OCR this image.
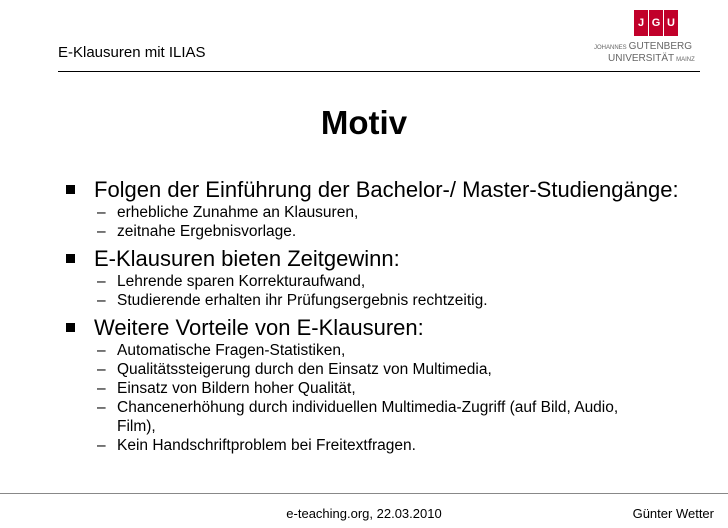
E-Klausuren mit ILIAS
J G U
JOHANNES GUTENBERG
UNIVERSITÄT MAINZ
Motiv
Folgen der Einführung der Bachelor-/ Master-Studiengänge:
– erhebliche Zunahme an Klausuren,
– zeitnahe Ergebnisvorlage.
E-Klausuren bieten Zeitgewinn:
– Lehrende sparen Korrekturaufwand,
– Studierende erhalten ihr Prüfungsergebnis rechtzeitig.
Weitere Vorteile von E-Klausuren:
– Automatische Fragen-Statistiken,
– Qualitätssteigerung durch den Einsatz von Multimedia,
– Einsatz von Bildern hoher Qualität,
– Chancenerhöhung durch individuellen Multimedia-Zugriff (auf Bild, Audio, Film),
– Kein Handschriftproblem bei Freitextfragen.
e-teaching.org, 22.03.2010	Günter Wetter
